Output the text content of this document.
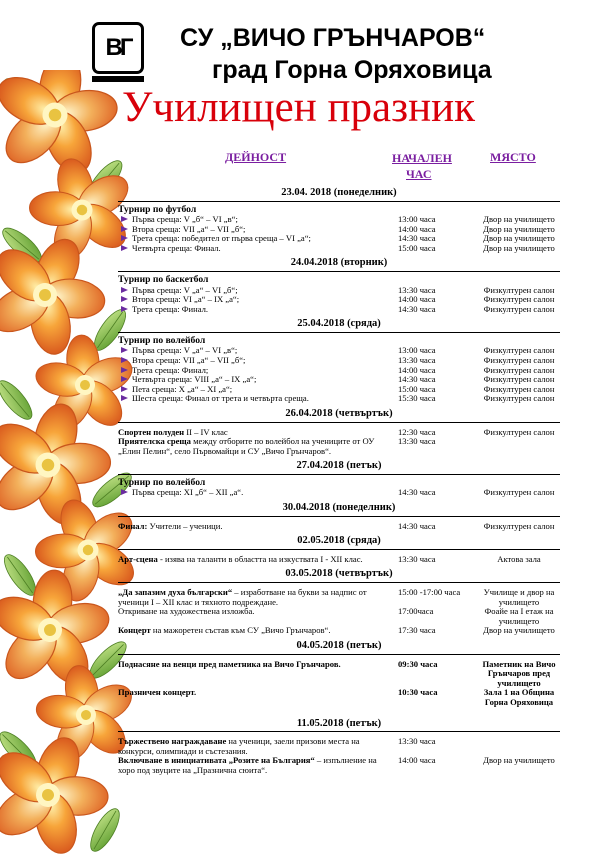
ВГ СУ „ВИЧО ГРЪНЧАРОВ“
град Горна Оряховица
Училищен празник
ДЕЙНОСТ	НАЧАЛЕН
ЧАС
МЯСТО
23.04. 2018 (понеделник)
Турнир по футбол
Първа среща: V „б“ – VI „в“;	13:00 часа	Двор на училището
Втора среща: VII „а“ – VII „б“;	14:00 часа	Двор на училището
Трета среща: победител от първа среща – VI „а“;	14:30 часа	Двор на училището
Четвърта среща: Финал.	15:00 часа	Двор на училището
24.04.2018 (вторник)
Турнир по баскетбол
Първа среща: V „а“ – VI „б“;	13:30 часа	Физкултурен салон
Втора среща: VI „а“ – IX „a“;	14:00 часа	Физкултурен салон
Трета среща: Финал.	14:30 часа	Физкултурен салон
25.04.2018 (сряда)
Турнир по волейбол
Първа среща: V „а“ – VI „в“;	13:00 часа	Физкултурен салон
Втора среща: VII „а“ – VII „б“;	13:30 часа	Физкултурен салон
Трета среща: Финал;	14:00 часа	Физкултурен салон
Четвърта среща: VIII „а“ – IX „а“;	14:30 часа	Физкултурен салон
Пета среща: Х „а“ – XI „а“;	15:00 часа	Физкултурен салон
Шеста среща: Финал от трета и четвърта среща.	15:30 часа	Физкултурен салон
26.04.2018 (четвъртък)
Спортен полуден II – IV клас	12:30 часа	Физкултурен салон
Приятелска среща между отборите по волейбол на учениците от ОУ „Елин Пелин“, село Първомайци и СУ „Вичо Грънчаров“.
13:30 часа
27.04.2018 (петък)
Турнир по волейбол
Първа среща: XI „б“ – XII „а“.	14:30 часа	Физкултурен салон
30.04.2018 (понеделник)
Финал: Учители – ученици.	14:30 часа	Физкултурен салон
02.05.2018 (сряда)
Арт-сцена - изява на таланти в областта на изкуствата I - XII клас.	13:30 часа	Актова зала
03.05.2018 (четвъртък)
„Да запазим духа български“ – изработване на букви за надпис от ученици I – XII клас и тяхното подреждане.
15:00 -17:00 часа	Училище и двор на училището
Откриване на художествена изложба.	17:00часа	Фоайе на I етаж на училището
Концерт на мажоретен състав към СУ „Вичо Грънчаров“.	17:30 часа	Двор на училището
04.05.2018 (петък)
Поднасяне на венци пред паметника на Вичо Грънчаров.	09:30 часа	Паметник на Вичо Грънчаров пред училището
Празничен концерт.	10:30 часа	Зала 1 на Община Горна Оряховица
11.05.2018 (петък)
Тържествено награждаване на ученици, заели призови места на конкурси, олимпиади и състезания.
13:30 часа
Включване в инициативата „Розите на България“ – изпълнение на хоро под звуците на „Празнична сюита“.
14:00 часа	Двор на училището
